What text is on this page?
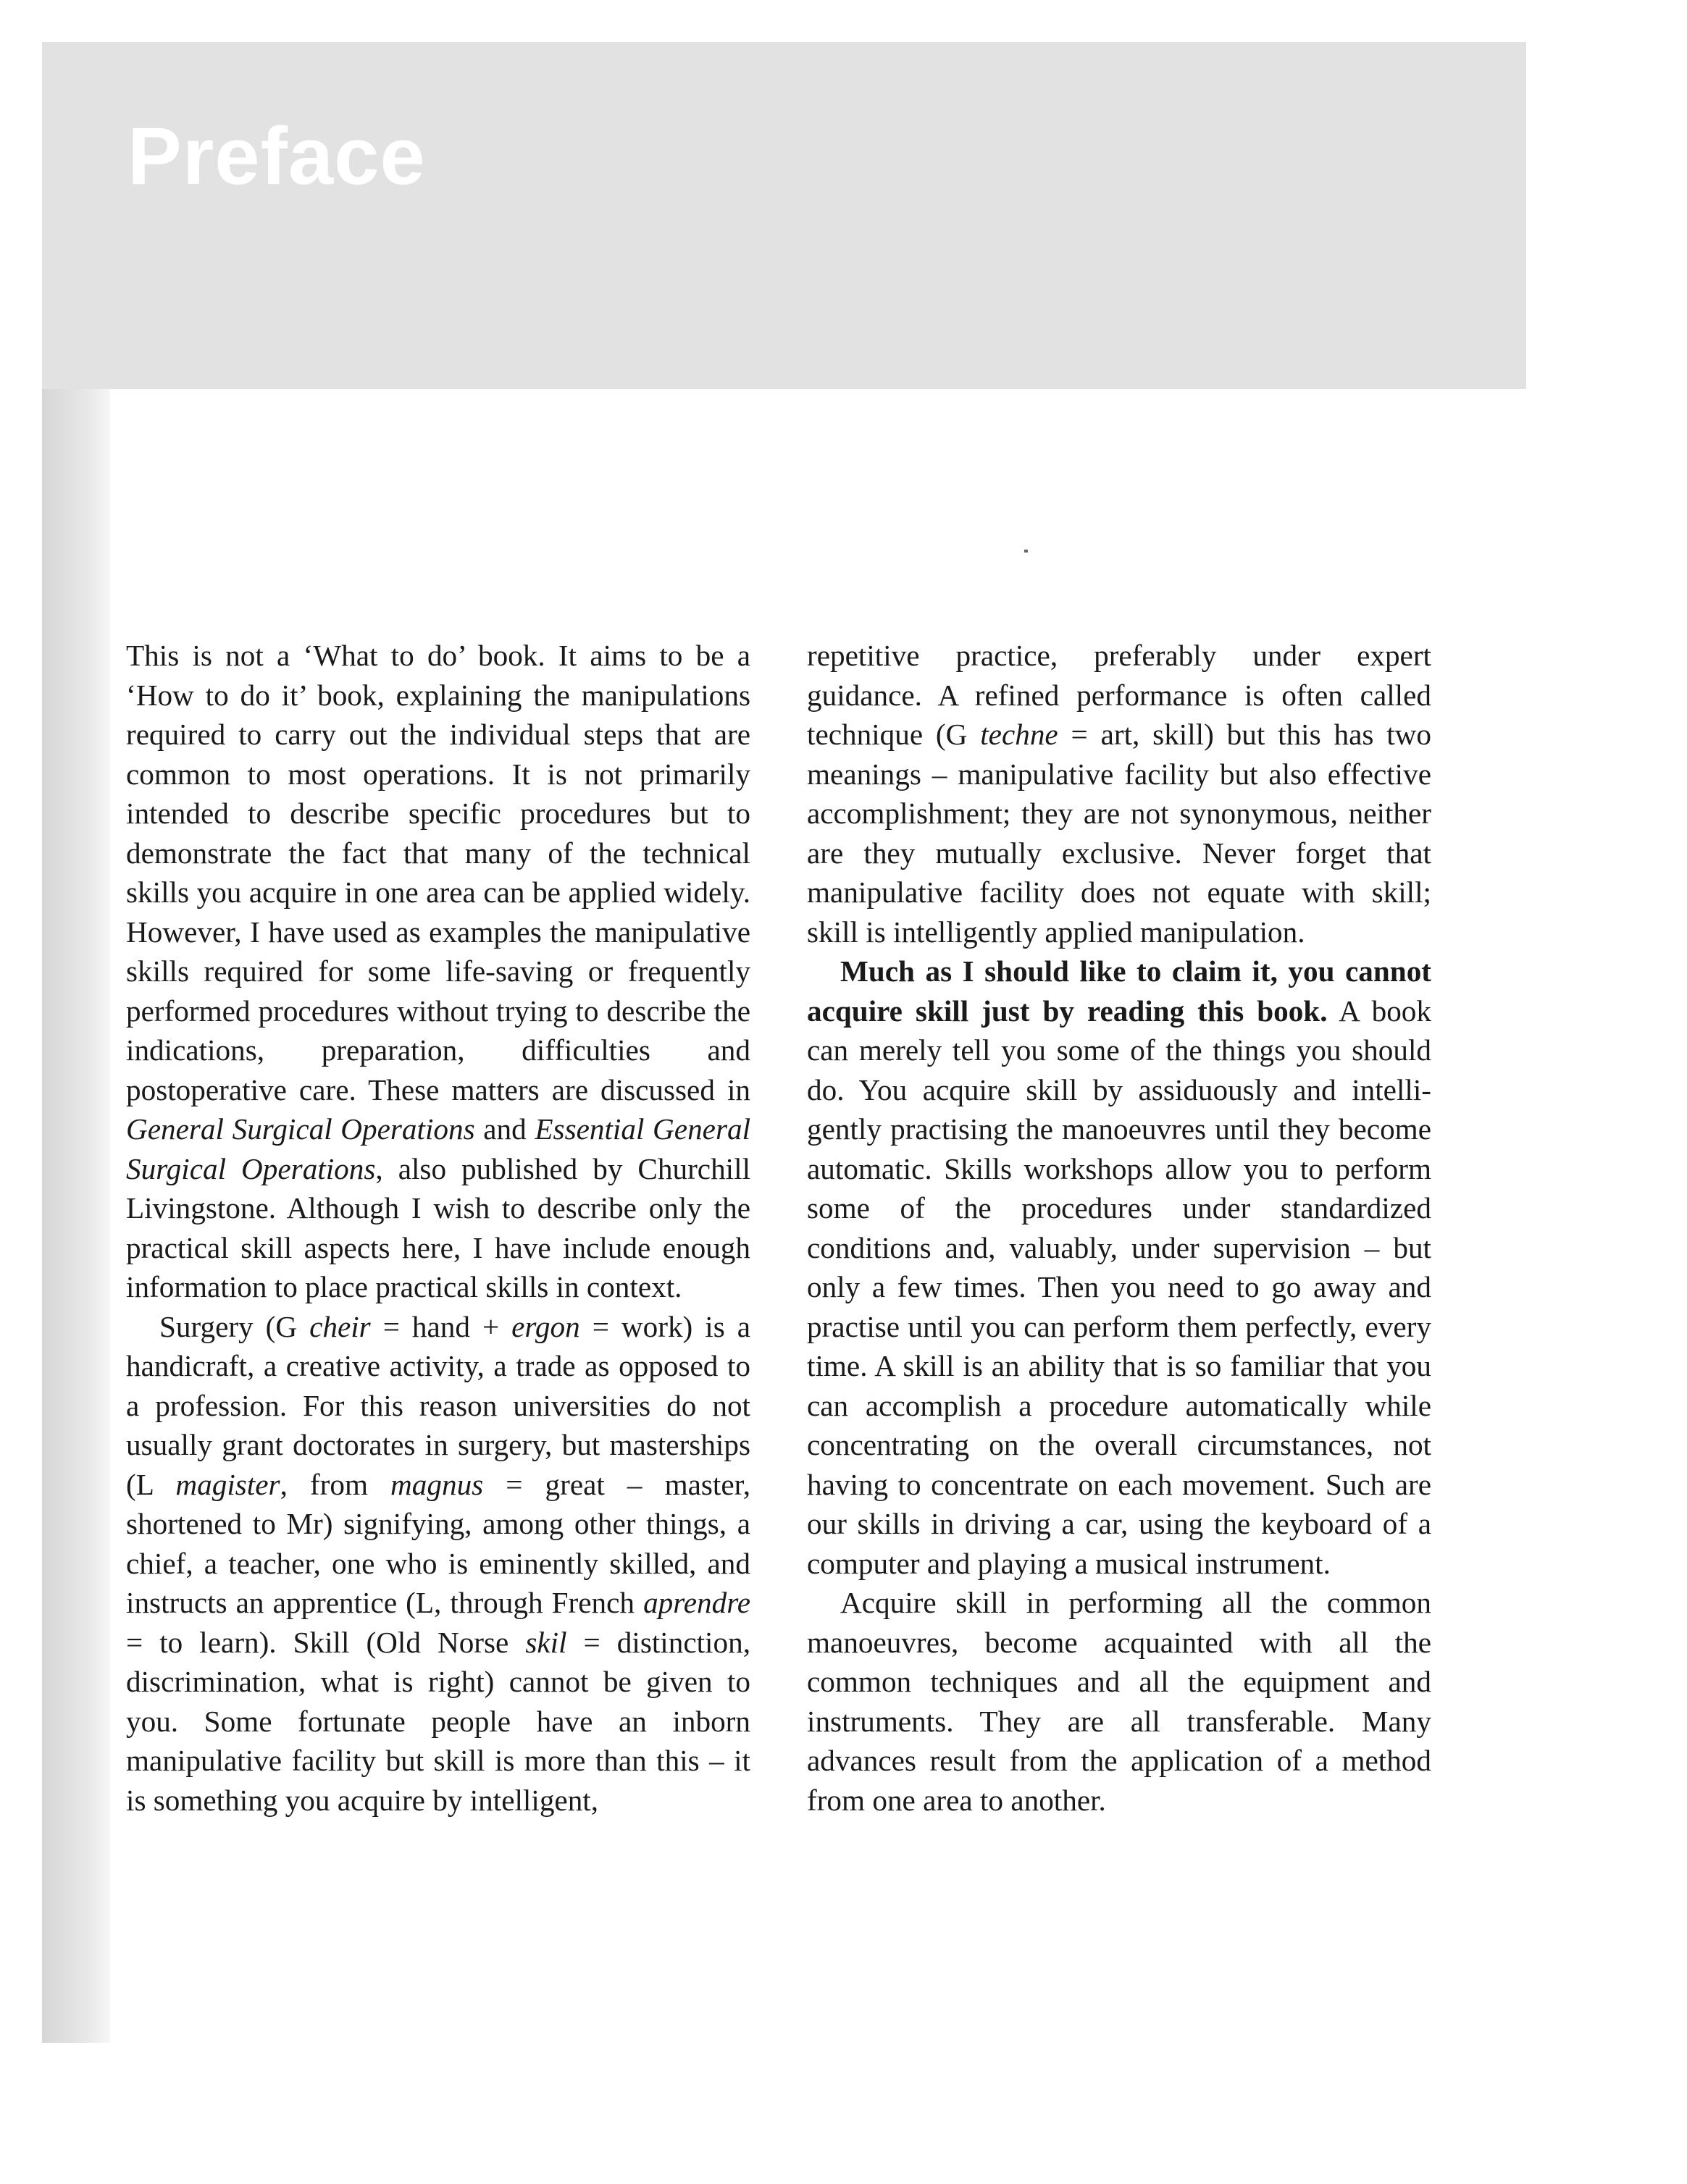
Preface

This is not a ‘What to do’ book. It aims to be a ‘How to do it’ book, explaining the manipulations required to carry out the individual steps that are common to most operations. It is not primarily intended to describe specific procedures but to demonstrate the fact that many of the technical skills you acquire in one area can be applied widely. However, I have used as examples the manipulative skills required for some life-saving or frequently performed procedures without trying to describe the indications, preparation, difficulties and postoperative care. These matters are discussed in General Surgical Operations and Essential General Surgical Operations, also published by Churchill Livingstone. Although I wish to describe only the practical skill aspects here, I have include enough information to place practical skills in context.

Surgery (G cheir = hand + ergon = work) is a handicraft, a creative activity, a trade as opposed to a profession. For this reason universities do not usually grant doctorates in surgery, but masterships (L magister, from magnus = great – master, shortened to Mr) signifying, among other things, a chief, a teacher, one who is eminently skilled, and instructs an apprentice (L, through French aprendre = to learn). Skill (Old Norse skil = distinction, discrimination, what is right) cannot be given to you. Some fortunate people have an inborn manipulative facility but skill is more than this – it is something you acquire by intelligent,

repetitive practice, preferably under expert guidance. A refined performance is often called technique (G techne = art, skill) but this has two meanings – manipulative facility but also effective accomplishment; they are not synonymous, neither are they mutually exclusive. Never forget that manipulative facility does not equate with skill; skill is intelligently applied manipulation.

Much as I should like to claim it, you cannot acquire skill just by reading this book. A book can merely tell you some of the things you should do. You acquire skill by assiduously and intelligently practising the manoeuvres until they become automatic. Skills workshops allow you to perform some of the procedures under standardized conditions and, valuably, under supervision – but only a few times. Then you need to go away and practise until you can perform them perfectly, every time. A skill is an ability that is so familiar that you can accomplish a procedure automatically while concentrating on the overall circumstances, not having to concentrate on each movement. Such are our skills in driving a car, using the keyboard of a computer and playing a musical instrument.

Acquire skill in performing all the common manoeuvres, become acquainted with all the common techniques and all the equipment and instruments. They are all transferable. Many advances result from the application of a method from one area to another.
